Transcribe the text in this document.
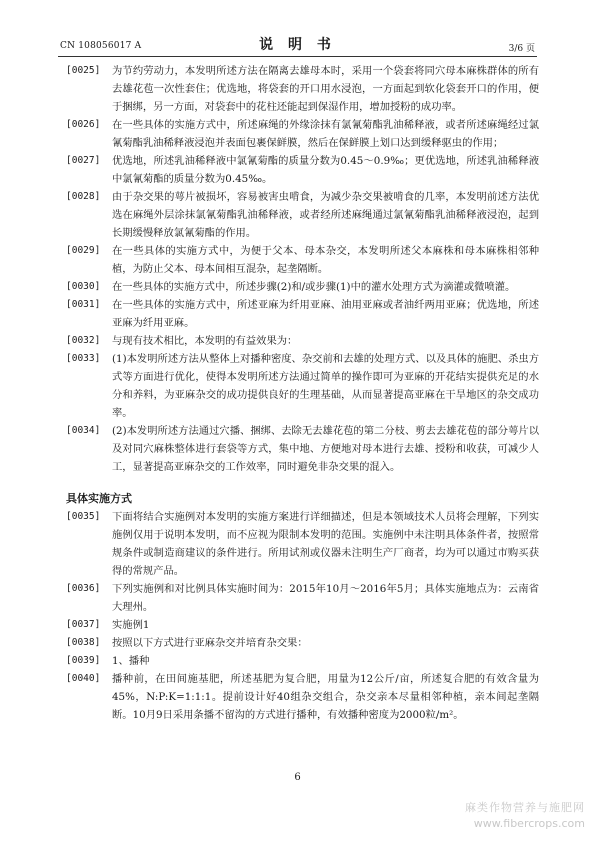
CN 108056017 A	说 明 书	3/6 页
[0025] 为节约劳动力，本发明所述方法在隔离去雄母本时，采用一个袋套将同穴母本麻株群体的所有去雄花苞一次性套住；优选地，将袋套的开口用水浸泡，一方面起到软化袋套开口的作用，便于捆绑，另一方面，对袋套中的花柱还能起到保湿作用，增加授粉的成功率。
[0026] 在一些具体的实施方式中，所述麻绳的外缘涂抹有氯氰菊酯乳油稀释液，或者所述麻绳经过氯氰菊酯乳油稀释液浸泡并表面包裹保鲜膜，然后在保鲜膜上划口达到缓释驱虫的作用；
[0027] 优选地，所述乳油稀释液中氯氰菊酯的质量分数为0.45～0.9‰；更优选地，所述乳油稀释液中氯氰菊酯的质量分数为0.45‰。
[0028] 由于杂交果的萼片被损坏，容易被害虫啃食，为减少杂交果被啃食的几率，本发明前述方法优选在麻绳外层涂抹氯氰菊酯乳油稀释液，或者经所述麻绳通过氯氰菊酯乳油稀释液浸泡，起到长期缓慢释放氯氰菊酯的作用。
[0029] 在一些具体的实施方式中，为便于父本、母本杂交，本发明所述父本麻株和母本麻株相邻种植，为防止父本、母本间相互混杂，起垄隔断。
[0030] 在一些具体的实施方式中，所述步骤(2)和/或步骤(1)中的灌水处理方式为滴灌或微喷灌。
[0031] 在一些具体的实施方式中，所述亚麻为纤用亚麻、油用亚麻或者油纤两用亚麻；优选地，所述亚麻为纤用亚麻。
[0032] 与现有技术相比，本发明的有益效果为：
[0033] (1)本发明所述方法从整体上对播种密度、杂交前和去雄的处理方式、以及具体的施肥、杀虫方式等方面进行优化，使得本发明所述方法通过简单的操作即可为亚麻的开花结实提供充足的水分和养料，为亚麻杂交的成功提供良好的生理基础，从而显著提高亚麻在干旱地区的杂交成功率。
[0034] (2)本发明所述方法通过穴播、捆绑、去除无去雄花苞的第二分枝、剪去去雄花苞的部分萼片以及对同穴麻株整体进行套袋等方式，集中地、方便地对母本进行去雄、授粉和收获，可减少人工，显著提高亚麻杂交的工作效率，同时避免非杂交果的混入。
具体实施方式
[0035] 下面将结合实施例对本发明的实施方案进行详细描述，但是本领域技术人员将会理解，下列实施例仅用于说明本发明，而不应视为限制本发明的范围。实施例中未注明具体条件者，按照常规条件或制造商建议的条件进行。所用试剂或仪器未注明生产厂商者，均为可以通过市购买获得的常规产品。
[0036] 下列实施例和对比例具体实施时间为：2015年10月～2016年5月；具体实施地点为：云南省大理州。
[0037] 实施例1
[0038] 按照以下方式进行亚麻杂交并培育杂交果：
[0039] 1、播种
[0040] 播种前，在田间施基肥，所述基肥为复合肥，用量为12公斤/亩，所述复合肥的有效含量为45%，N:P:K=1:1:1。提前设计好40组杂交组合，杂交亲本尽量相邻种植，亲本间起垄隔断。10月9日采用条播不留沟的方式进行播种，有效播种密度为2000粒/m²。
6
麻类作物营养与施肥网
www.fibercrops.com
